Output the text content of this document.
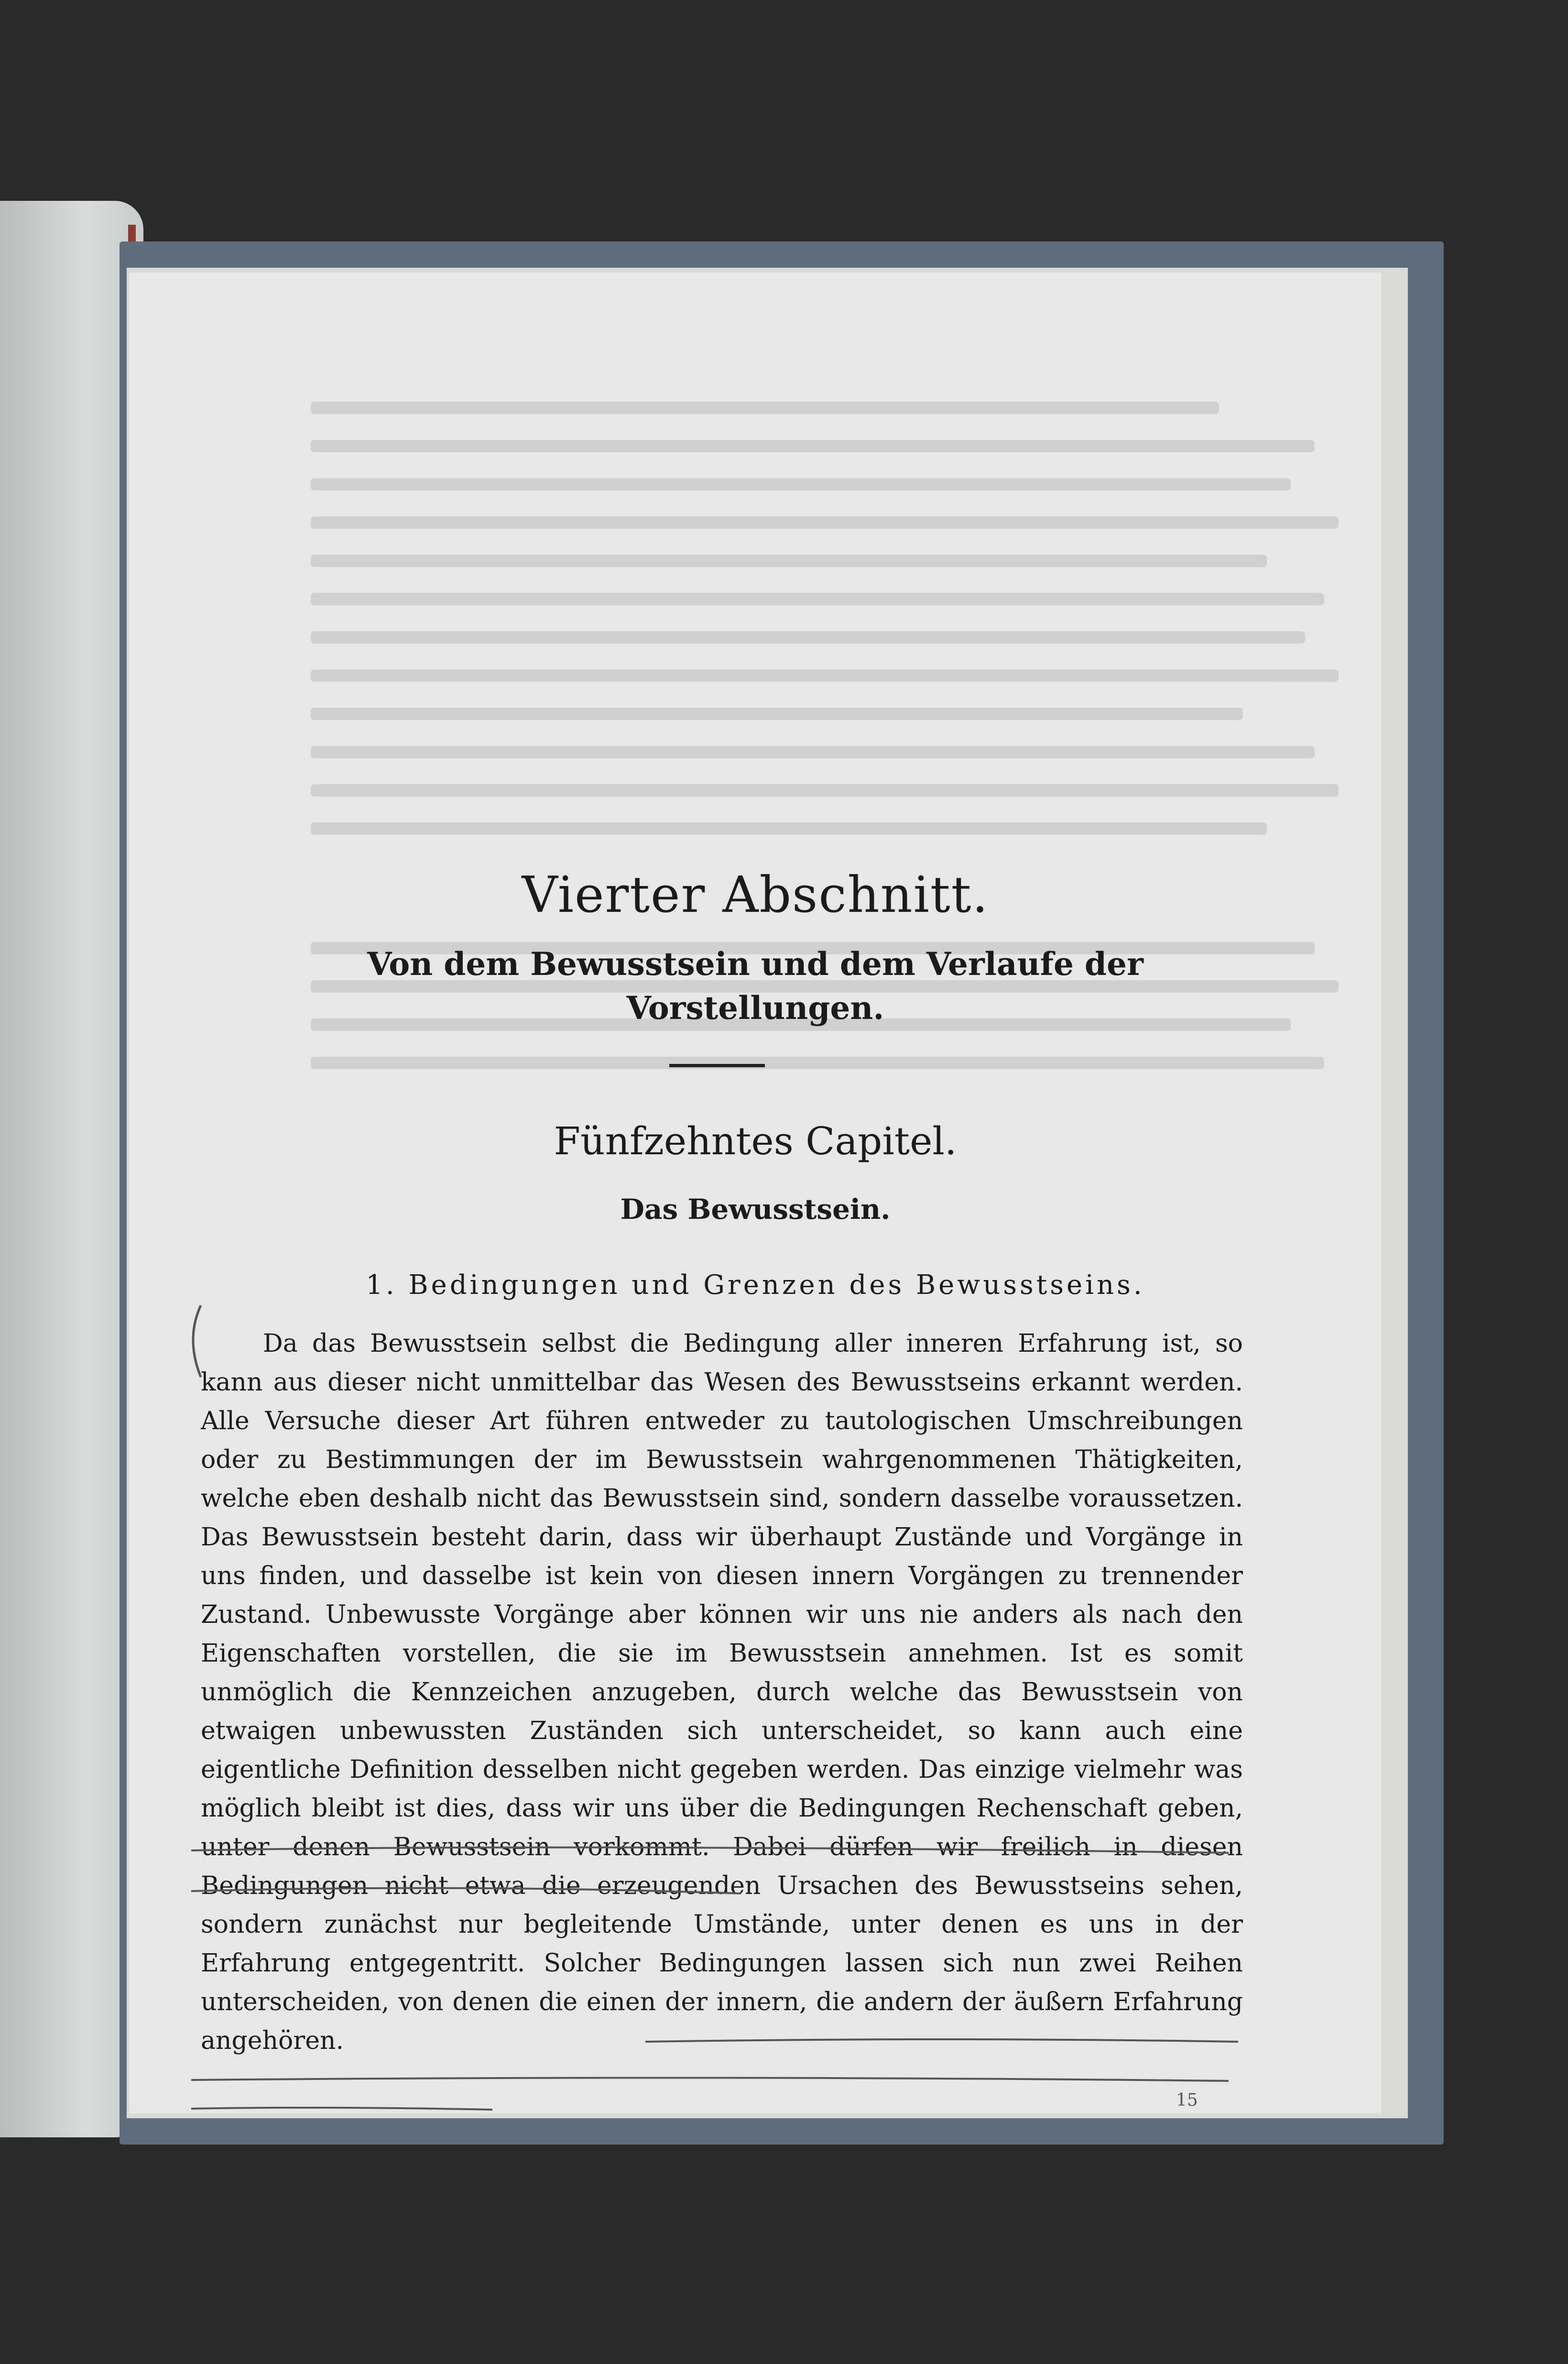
Vierter Abschnitt.
Von dem Bewusstsein und dem Verlaufe der Vorstellungen.
Fünfzehntes Capitel.
Das Bewusstsein.
1. Bedingungen und Grenzen des Bewusstseins.
Da das Bewusstsein selbst die Bedingung aller inneren Erfahrung ist, so kann aus dieser nicht unmittelbar das Wesen des Bewusstseins erkannt werden. Alle Versuche dieser Art führen entweder zu tautologischen Umschreibungen oder zu Bestimmungen der im Bewusstsein wahrgenommenen Thätigkeiten, welche eben deshalb nicht das Bewusstsein sind, sondern dasselbe voraussetzen. Das Bewusstsein besteht darin, dass wir überhaupt Zustände und Vorgänge in uns finden, und dasselbe ist kein von diesen innern Vorgängen zu trennender Zustand. Unbewusste Vorgänge aber können wir uns nie anders als nach den Eigenschaften vorstellen, die sie im Bewusstsein annehmen. Ist es somit unmöglich die Kennzeichen anzugeben, durch welche das Bewusstsein von etwaigen unbewussten Zuständen sich unterscheidet, so kann auch eine eigentliche Definition desselben nicht gegeben werden. Das einzige vielmehr was möglich bleibt ist dies, dass wir uns über die Bedingungen Rechenschaft geben, unter denen Bewusstsein vorkommt. Dabei dürfen wir freilich in diesen Bedingungen nicht etwa die erzeugenden Ursachen des Bewusstseins sehen, sondern zunächst nur begleitende Umstände, unter denen es uns in der Erfahrung entgegentritt. Solcher Bedingungen lassen sich nun zwei Reihen unterscheiden, von denen die einen der innern, die andern der äußern Erfahrung angehören.
15
